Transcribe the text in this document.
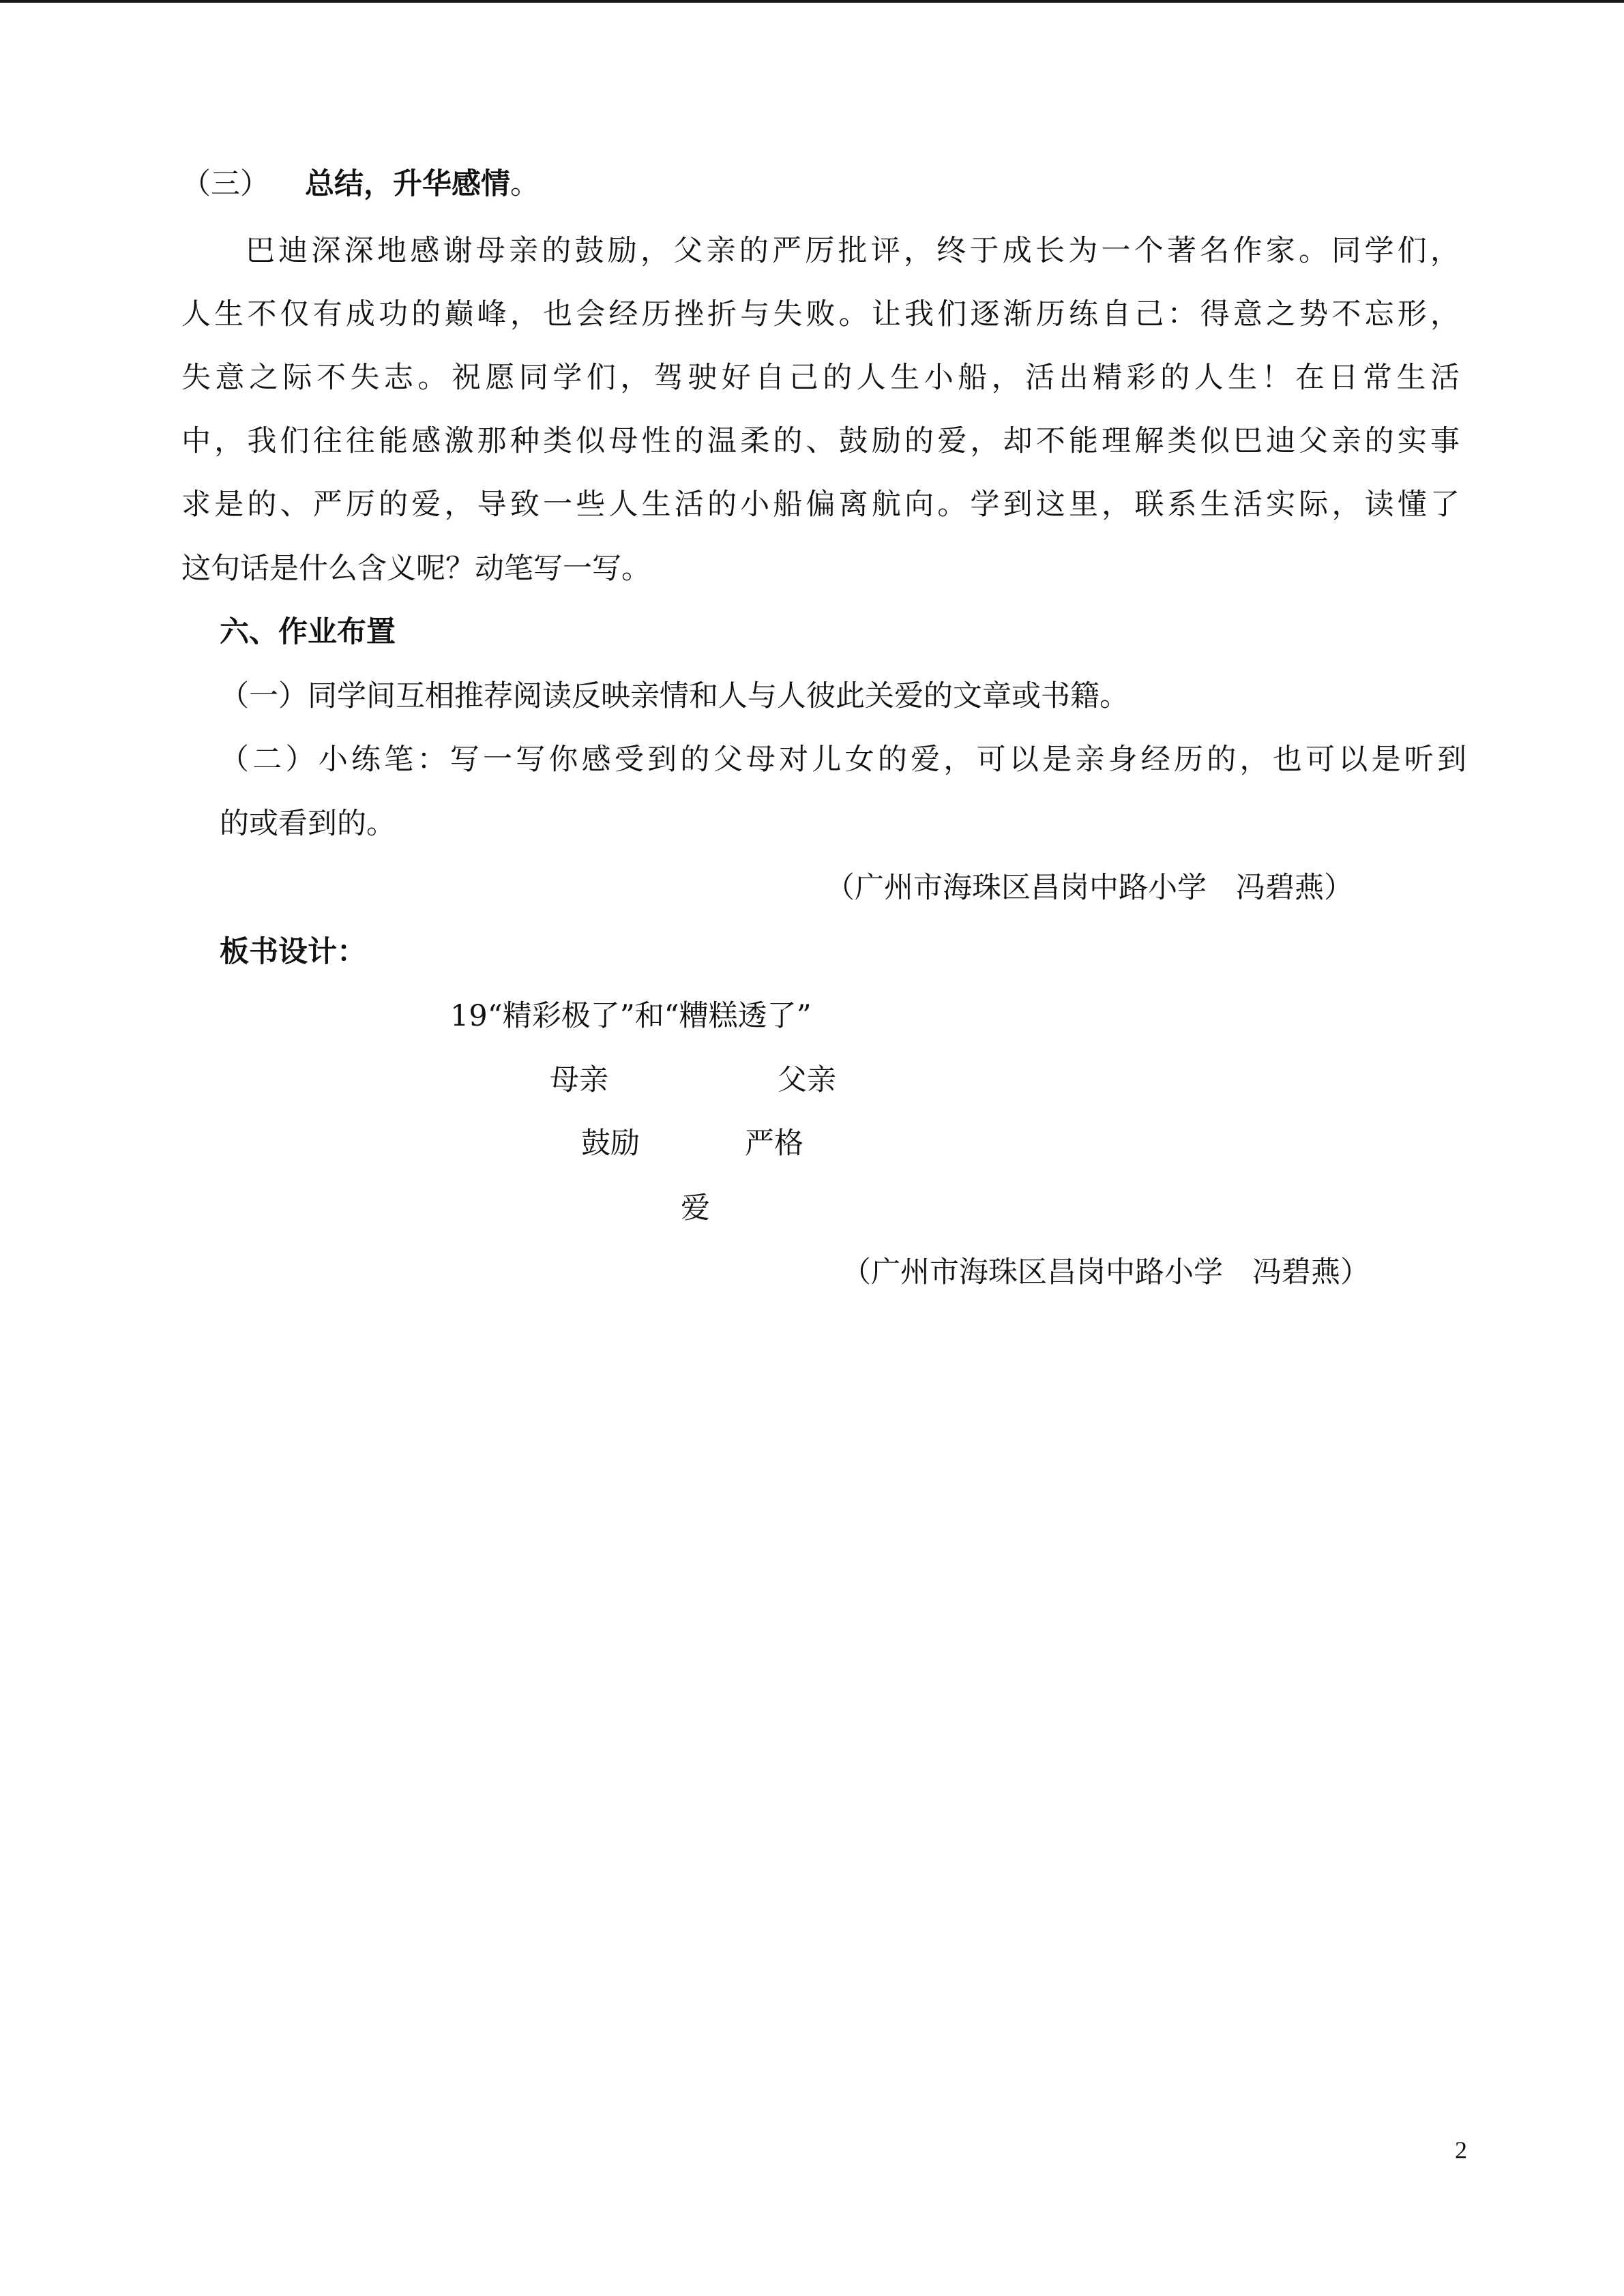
（三） 总结，升华感情。
巴迪深深地感谢母亲的鼓励，父亲的严厉批评，终于成长为一个著名作家。同学们，
人生不仅有成功的巅峰，也会经历挫折与失败。让我们逐渐历练自己：得意之势不忘形，
失意之际不失志。祝愿同学们，驾驶好自己的人生小船，活出精彩的人生！在日常生活
中，我们往往能感激那种类似母性的温柔的、鼓励的爱，却不能理解类似巴迪父亲的实事
求是的、严厉的爱，导致一些人生活的小船偏离航向。学到这里，联系生活实际，读懂了
这句话是什么含义呢？动笔写一写。
六、作业布置
（一）同学间互相推荐阅读反映亲情和人与人彼此关爱的文章或书籍。
（二）小练笔：写一写你感受到的父母对儿女的爱，可以是亲身经历的，也可以是听到
的或看到的。
（广州市海珠区昌岗中路小学　冯碧燕）
板书设计：
19“精彩极了”和“糟糕透了”
母亲	父亲
鼓励	严格
爱
（广州市海珠区昌岗中路小学　冯碧燕）
2
